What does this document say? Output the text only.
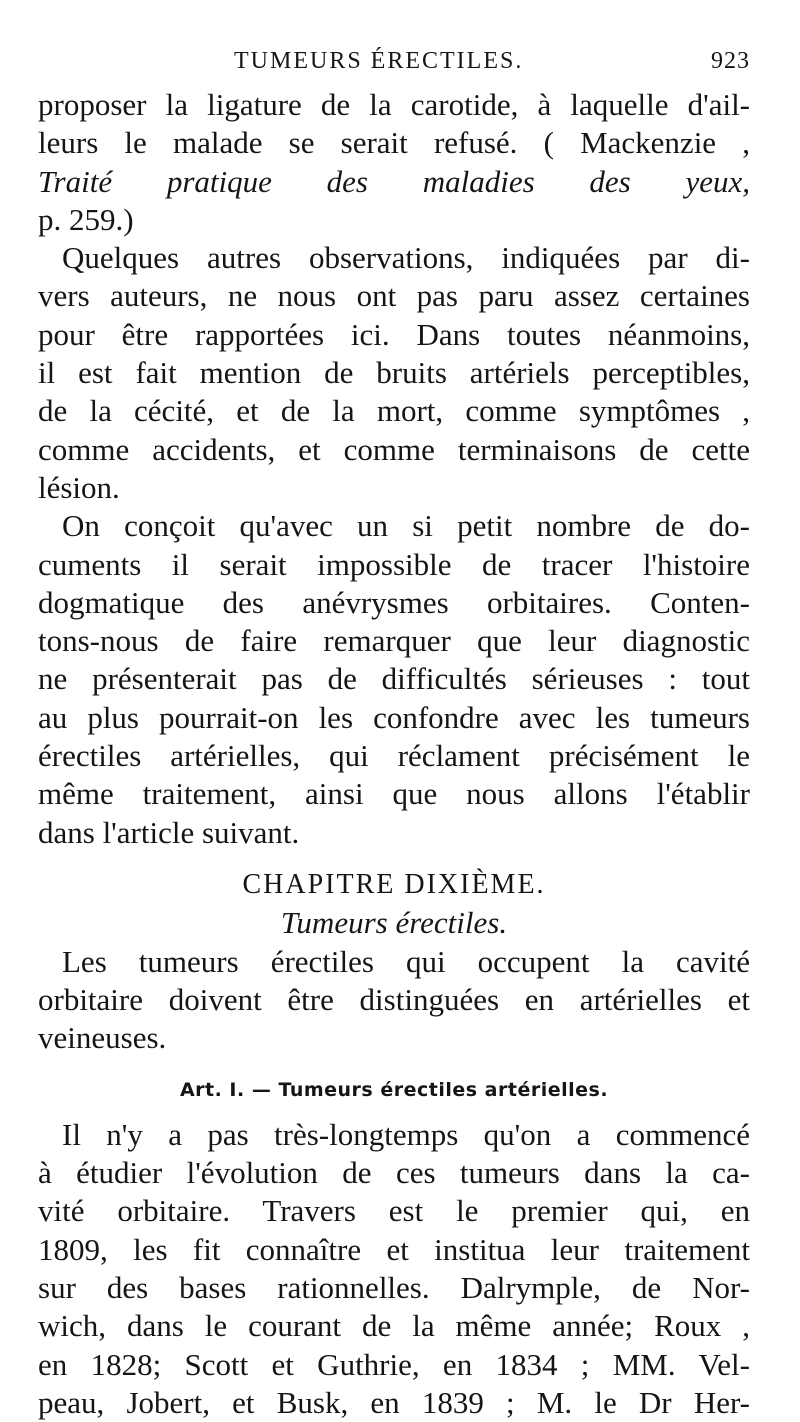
TUMEURS ÉRECTILES.	923
proposer la ligature de la carotide, à laquelle d'ail-
leurs le malade se serait refusé. ( Mackenzie ,
Traité pratique des maladies des yeux,
p. 259.)
Quelques autres observations, indiquées par di-
vers auteurs, ne nous ont pas paru assez certaines
pour être rapportées ici. Dans toutes néanmoins,
il est fait mention de bruits artériels perceptibles,
de la cécité, et de la mort, comme symptômes ,
comme accidents, et comme terminaisons de cette
lésion.
On conçoit qu'avec un si petit nombre de do-
cuments il serait impossible de tracer l'histoire
dogmatique des anévrysmes orbitaires. Conten-
tons-nous de faire remarquer que leur diagnostic
ne présenterait pas de difficultés sérieuses : tout
au plus pourrait-on les confondre avec les tumeurs
érectiles artérielles, qui réclament précisément le
même traitement, ainsi que nous allons l'établir
dans l'article suivant.
CHAPITRE DIXIÈME.
Tumeurs érectiles.
Les tumeurs érectiles qui occupent la cavité
orbitaire doivent être distinguées en artérielles et
veineuses.
Art. I. — Tumeurs érectiles artérielles.
Il n'y a pas très-longtemps qu'on a commencé
à étudier l'évolution de ces tumeurs dans la ca-
vité orbitaire. Travers est le premier qui, en
1809, les fit connaître et institua leur traitement
sur des bases rationnelles. Dalrymple, de Nor-
wich, dans le courant de la même année; Roux ,
en 1828; Scott et Guthrie, en 1834 ; MM. Vel-
peau, Jobert, et Busk, en 1839 ; M. le Dr Her-
